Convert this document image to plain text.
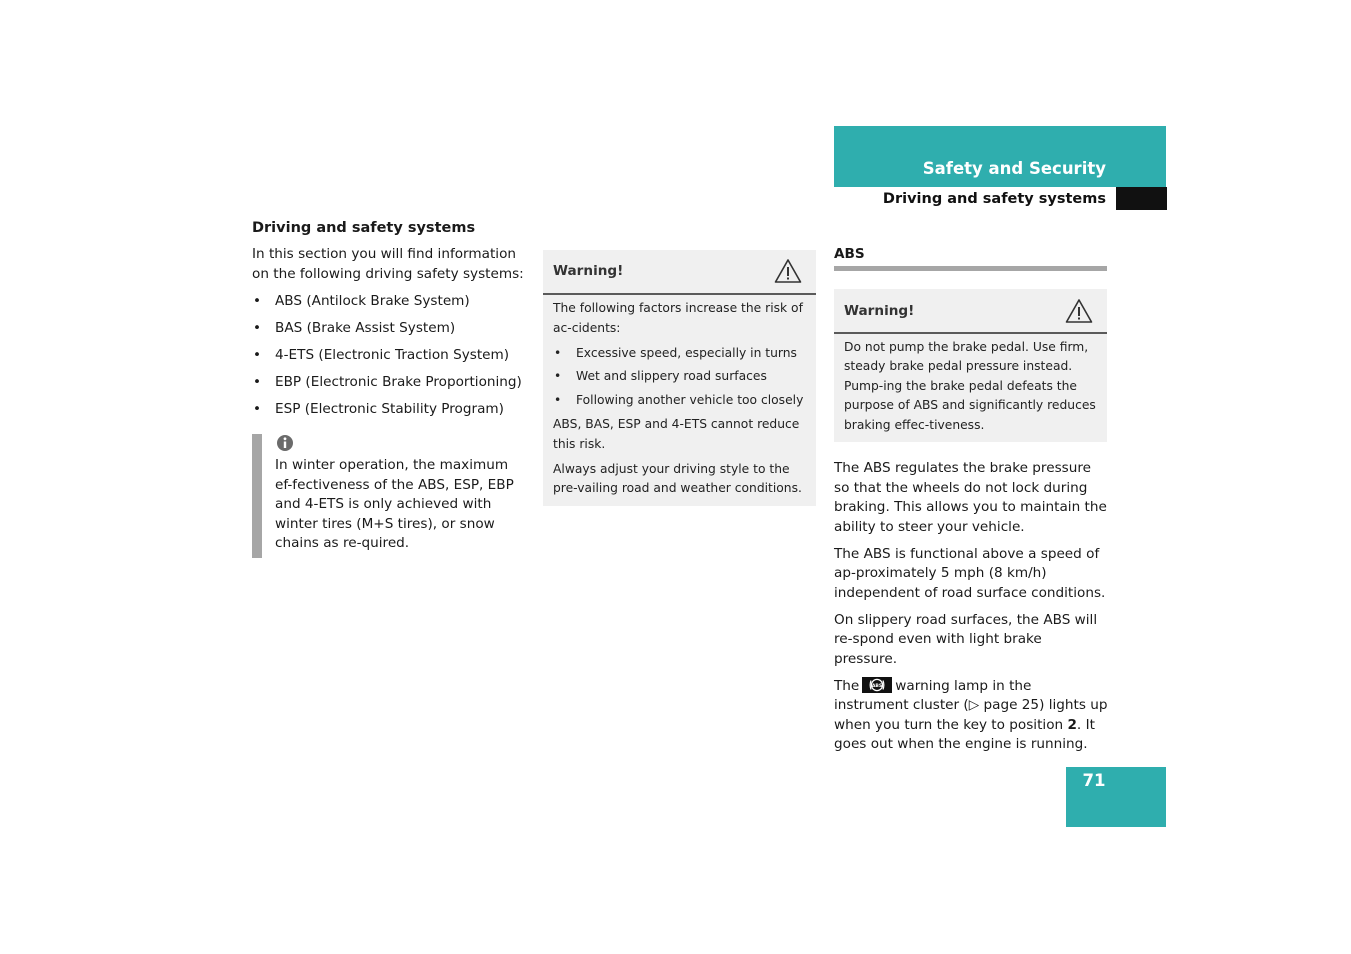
Safety and Security
Driving and safety systems
Driving and safety systems

In this section you will find information on the following driving safety systems:

• ABS (Antilock Brake System)
• BAS (Brake Assist System)
• 4-ETS (Electronic Traction System)
• EBP (Electronic Brake Proportioning)
• ESP (Electronic Stability Program)
In winter operation, the maximum ef-fectiveness of the ABS, ESP, EBP and 4-ETS is only achieved with winter tires (M+S tires), or snow chains as re-quired.
Warning!

The following factors increase the risk of ac-cidents:

• Excessive speed, especially in turns
• Wet and slippery road surfaces
• Following another vehicle too closely

ABS, BAS, ESP and 4-ETS cannot reduce this risk.

Always adjust your driving style to the pre-vailing road and weather conditions.

ABS
Warning!

Do not pump the brake pedal. Use firm, steady brake pedal pressure instead. Pump-ing the brake pedal defeats the purpose of ABS and significantly reduces braking effec-tiveness.

The ABS regulates the brake pressure so that the wheels do not lock during braking. This allows you to maintain the ability to steer your vehicle.

The ABS is functional above a speed of ap-proximately 5 mph (8 km/h) independent of road surface conditions.

On slippery road surfaces, the ABS will re-spond even with light brake pressure.

The	ABS warning lamp in the instrument cluster (▷ page 25) lights up when you turn the key to position 2. It goes out when the engine is running.

71
